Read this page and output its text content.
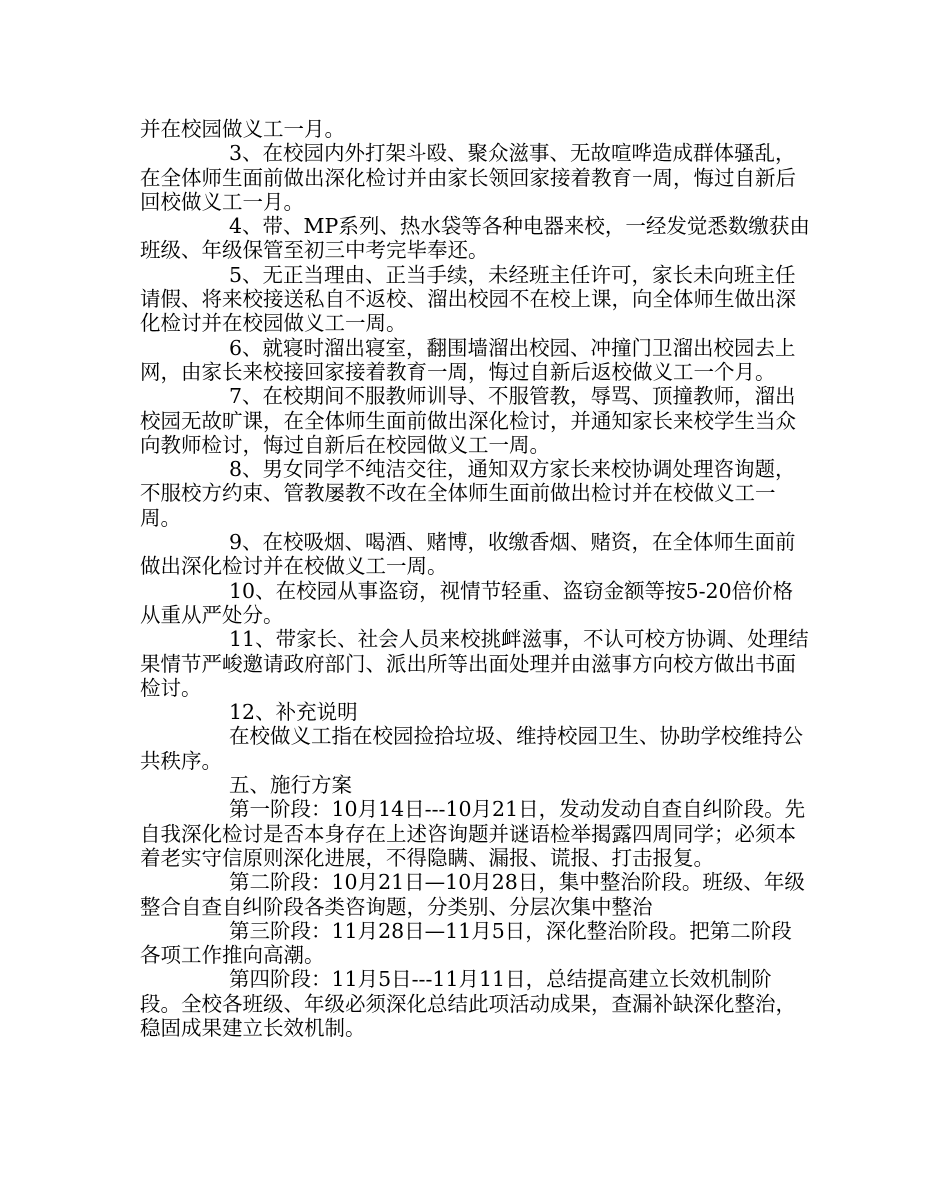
并在校园做义工一月。

3、在校园内外打架斗殴、聚众滋事、无故喧哗造成群体骚乱，在全体师生面前做出深化检讨并由家长领回家接着教育一周，悔过自新后回校做义工一月。

4、带、MP系列、热水袋等各种电器来校，一经发觉悉数缴获由班级、年级保管至初三中考完毕奉还。

5、无正当理由、正当手续，未经班主任许可，家长未向班主任请假、将来校接送私自不返校、溜出校园不在校上课，向全体师生做出深化检讨并在校园做义工一周。

6、就寝时溜出寝室，翻围墙溜出校园、冲撞门卫溜出校园去上网，由家长来校接回家接着教育一周，悔过自新后返校做义工一个月。

7、在校期间不服教师训导、不服管教，辱骂、顶撞教师，溜出校园无故旷课，在全体师生面前做出深化检讨，并通知家长来校学生当众向教师检讨，悔过自新后在校园做义工一周。

8、男女同学不纯洁交往，通知双方家长来校协调处理咨询题，不服校方约束、管教屡教不改在全体师生面前做出检讨并在校做义工一周。

9、在校吸烟、喝酒、赌博，收缴香烟、赌资，在全体师生面前做出深化检讨并在校做义工一周。

10、在校园从事盗窃，视情节轻重、盗窃金额等按5-20倍价格从重从严处分。

11、带家长、社会人员来校挑衅滋事，不认可校方协调、处理结果情节严峻邀请政府部门、派出所等出面处理并由滋事方向校方做出书面检讨。

12、补充说明

在校做义工指在校园捡拾垃圾、维持校园卫生、协助学校维持公共秩序。

五、施行方案

第一阶段：10月14日---10月21日，发动发动自查自纠阶段。先自我深化检讨是否本身存在上述咨询题并谜语检举揭露四周同学；必须本着老实守信原则深化进展，不得隐瞒、漏报、谎报、打击报复。

第二阶段：10月21日—10月28日，集中整治阶段。班级、年级整合自查自纠阶段各类咨询题，分类别、分层次集中整治

第三阶段：11月28日—11月5日，深化整治阶段。把第二阶段各项工作推向高潮。

第四阶段：11月5日---11月11日，总结提高建立长效机制阶段。全校各班级、年级必须深化总结此项活动成果，查漏补缺深化整治，稳固成果建立长效机制。
